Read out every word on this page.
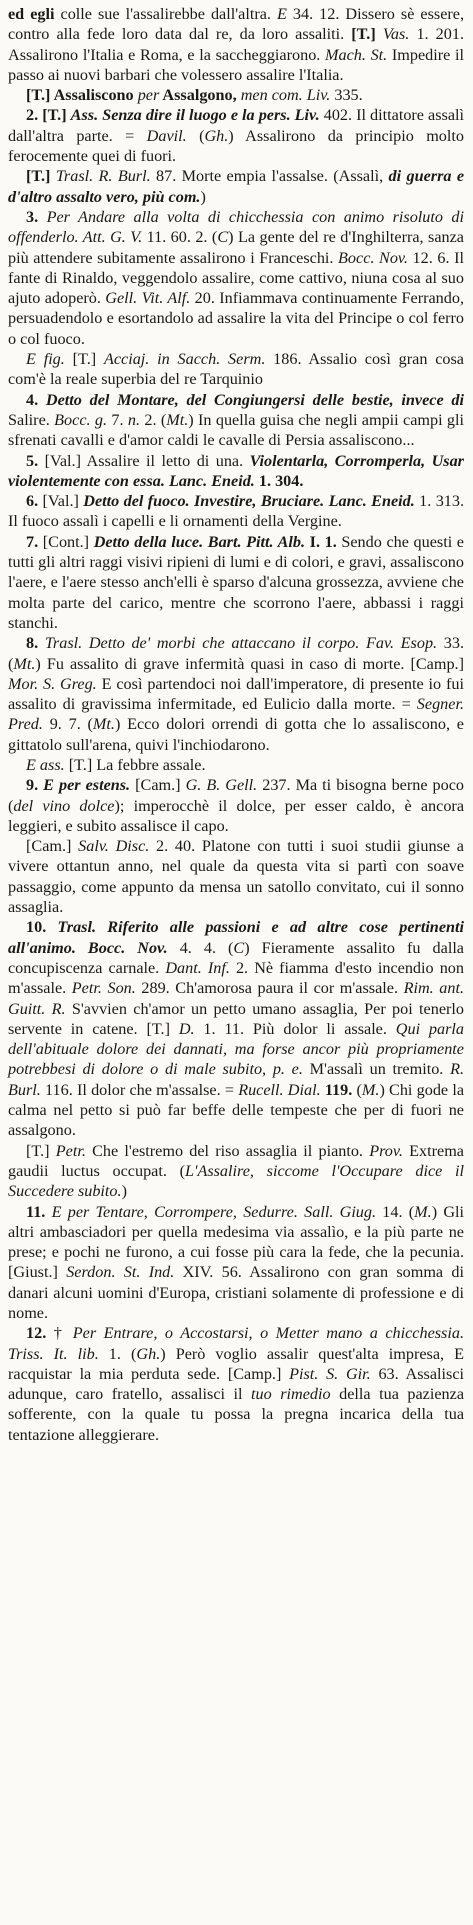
ed egli colle sue l'assalirebbe dall'altra. E 34. 12. Dissero sè essere, contro alla fede loro data dal re, da loro assaliti. [T.] Vas. 1. 201. Assalirono l'Italia e Roma, e la saccheggiarono. Mach. St. Impedire il passo ai nuovi barbari che volessero assalire l'Italia.

[T.] Assaliscono per Assalgono, men com. Liv. 335.

2. [T.] Ass. Senza dire il luogo e la pers. Liv. 402. Il dittatore assalì dall'altra parte. = Davil. (Gh.) Assalirono da principio molto ferocemente quei di fuori.

[T.] Trasl. R. Burl. 87. Morte empia l'assalse. (Assalì, di guerra e d'altro assalto vero, più com.)

3. Per Andare alla volta di chicchessia con animo risoluto di offenderlo. Att. G. V. 11. 60. 2. (C) La gente del re d'Inghilterra, sanza più attendere subitamente assalirono i Franceschi. Bocc. Nov. 12. 6. Il fante di Rinaldo, veggendolo assalire, come cattivo, niuna cosa al suo ajuto adoperò. Gell. Vit. Alf. 20. Infiammava continuamente Ferrando, persuadendolo e esortandolo ad assalire la vita del Principe o col ferro o col fuoco.

E fig. [T.] Acciaj. in Sacch. Serm. 186. Assalio così gran cosa com'è la reale superbia del re Tarquinio

4. Detto del Montare, del Congiungersi delle bestie, invece di Salire. Bocc. g. 7. n. 2. (Mt.) In quella guisa che negli ampii campi gli sfrenati cavalli e d'amor caldi le cavalle di Persia assaliscono...

5. [Val.] Assalire il letto di una. Violentarla, Corromperla, Usar violentemente con essa. Lanc. Eneid. 1. 304.

6. [Val.] Detto del fuoco. Investire, Bruciare. Lanc. Eneid. 1. 313. Il fuoco assalì i capelli e li ornamenti della Vergine.

7. [Cont.] Detto della luce. Bart. Pitt. Alb. I. 1. Sendo che questi e tutti gli altri raggi visivi ripieni di lumi e di colori, e gravi, assaliscono l'aere, e l'aere stesso anch'elli è sparso d'alcuna grossezza, avviene che molta parte del carico, mentre che scorrono l'aere, abbassi i raggi stanchi.

8. Trasl. Detto de' morbi che attaccano il corpo. Fav. Esop. 33. (Mt.) Fu assalito di grave infermità quasi in caso di morte. [Camp.] Mor. S. Greg. E così partendoci noi dall'imperatore, di presente io fui assalito di gravissima infermitade, ed Eulicio dalla morte. = Segner. Pred. 9. 7. (Mt.) Ecco dolori orrendi di gotta che lo assaliscono, e gittatolo sull'arena, quivi l'inchiodarono.

E ass. [T.] La febbre assale.

9. E per estens. [Cam.] G. B. Gell. 237. Ma ti bisogna berne poco (del vino dolce); imperocchè il dolce, per esser caldo, è ancora leggieri, e subito assalisce il capo.

[Cam.] Salv. Disc. 2. 40. Platone con tutti i suoi studii giunse a vivere ottantun anno, nel quale da questa vita si partì con soave passaggio, come appunto da mensa un satollo convitato, cui il sonno assaglia.

10. Trasl. Riferito alle passioni e ad altre cose pertinenti all'animo. Bocc. Nov. 4. 4. (C) Fieramente assalito fu dalla concupiscenza carnale. Dant. Inf. 2. Nè fiamma d'esto incendio non m'assale. Petr. Son. 289. Ch'amorosa paura il cor m'assale. Rim. ant. Guitt. R. S'avvien ch'amor un petto umano assaglia, Per poi tenerlo servente in catene. [T.] D. 1. 11. Più dolor li assale. Qui parla dell'abituale dolore dei dannati, ma forse ancor più propriamente potrebbesi di dolore o di male subito, p. e. M'assalì un tremito. R. Burl. 116. Il dolor che m'assalse. = Rucell. Dial. 119. (M.) Chi gode la calma nel petto si può far beffe delle tempeste che per di fuori ne assalgono.

[T.] Petr. Che l'estremo del riso assaglia il pianto. Prov. Extrema gaudii luctus occupat. (L'Assalire, siccome l'Occupare dice il Succedere subito.)

11. E per Tentare, Corrompere, Sedurre. Sall. Giug. 14. (M.) Gli altri ambasciadori per quella medesima via assalìo, e la più parte ne prese; e pochi ne furono, a cui fosse più cara la fede, che la pecunia. [Giust.] Serdon. St. Ind. XIV. 56. Assalirono con gran somma di danari alcuni uomini d'Europa, cristiani solamente di professione e di nome.

12. † Per Entrare, o Accostarsi, o Metter mano a chicchessia. Triss. It. lib. 1. (Gh.) Però voglio assalir quest'alta impresa, E racquistar la mia perduta sede. [Camp.] Pist. S. Gir. 63. Assalisci adunque, caro fratello, assalisci il tuo rimedio della tua pazienza sofferente, con la quale tu possa la pregna incarica della tua tentazione alleggierare.
